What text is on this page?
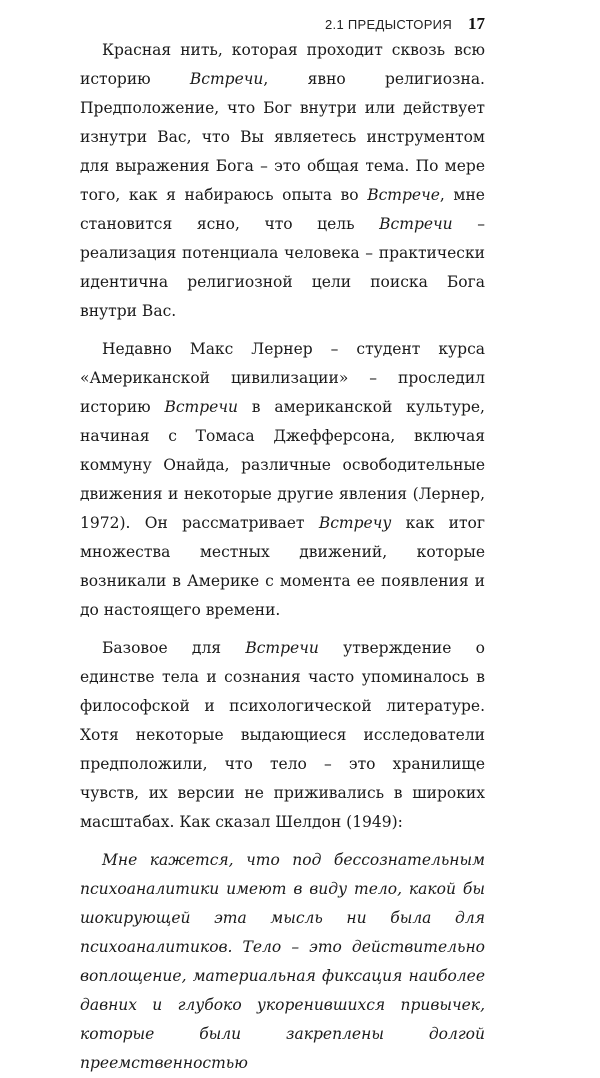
2.1 ПРЕДЫСТОРИЯ 17

Красная нить, которая проходит сквозь всю историю Встречи, явно религиозна. Предположение, что Бог внутри или действует изнутри Вас, что Вы являетесь инструментом для выражения Бога – это общая тема. По мере того, как я набираюсь опыта во Встрече, мне становится ясно, что цель Встречи – реализация потенциала человека – практически идентична религиозной цели поиска Бога внутри Вас.

Недавно Макс Лернер – студент курса «Американской цивилизации» – проследил историю Встречи в американской культуре, начиная с Томаса Джефферсона, включая коммуну Онайда, различные освободительные движения и некоторые другие явления (Лернер, 1972). Он рассматривает Встречу как итог множества местных движений, которые возникали в Америке с момента ее появления и до настоящего времени.

Базовое для Встречи утверждение о единстве тела и сознания часто упоминалось в философской и психологической литературе. Хотя некоторые выдающиеся исследователи предположили, что тело – это хранилище чувств, их версии не приживались в широких масштабах. Как сказал Шелдон (1949):

Мне кажется, что под бессознательным психоаналитики имеют в виду тело, какой бы шокирующей эта мысль ни была для психоаналитиков. Тело – это действительно воплощение, материальная фиксация наиболее давних и глубоко укоренившихся привычек, которые были закреплены долгой преемственностью
